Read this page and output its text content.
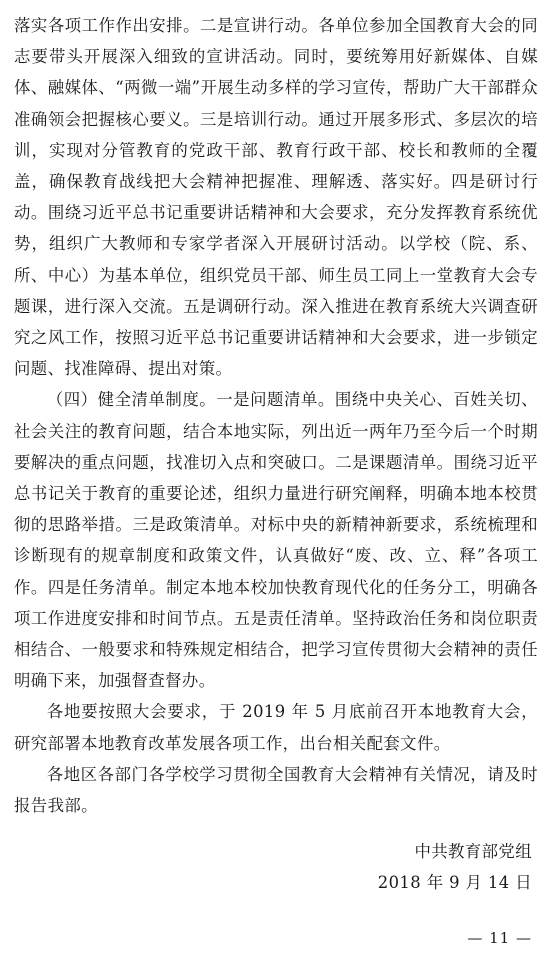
落实各项工作作出安排。二是宣讲行动。各单位参加全国教育大会的同志要带头开展深入细致的宣讲活动。同时，要统筹用好新媒体、自媒体、融媒体、“两微一端”开展生动多样的学习宣传，帮助广大干部群众准确领会把握核心要义。三是培训行动。通过开展多形式、多层次的培训，实现对分管教育的党政干部、教育行政干部、校长和教师的全覆盖，确保教育战线把大会精神把握准、理解透、落实好。四是研讨行动。围绕习近平总书记重要讲话精神和大会要求，充分发挥教育系统优势，组织广大教师和专家学者深入开展研讨活动。以学校（院、系、所、中心）为基本单位，组织党员干部、师生员工同上一堂教育大会专题课，进行深入交流。五是调研行动。深入推进在教育系统大兴调查研究之风工作，按照习近平总书记重要讲话精神和大会要求，进一步锁定问题、找准障碍、提出对策。

（四）健全清单制度。一是问题清单。围绕中央关心、百姓关切、社会关注的教育问题，结合本地实际，列出近一两年乃至今后一个时期要解决的重点问题，找准切入点和突破口。二是课题清单。围绕习近平总书记关于教育的重要论述，组织力量进行研究阐释，明确本地本校贯彻的思路举措。三是政策清单。对标中央的新精神新要求，系统梳理和诊断现有的规章制度和政策文件，认真做好“废、改、立、释”各项工作。四是任务清单。制定本地本校加快教育现代化的任务分工，明确各项工作进度安排和时间节点。五是责任清单。坚持政治任务和岗位职责相结合、一般要求和特殊规定相结合，把学习宣传贯彻大会精神的责任明确下来，加强督查督办。

各地要按照大会要求，于 2019 年 5 月底前召开本地教育大会，研究部署本地教育改革发展各项工作，出台相关配套文件。

各地区各部门各学校学习贯彻全国教育大会精神有关情况，请及时报告我部。

中共教育部党组
2018 年 9 月 14 日
— 11 —
